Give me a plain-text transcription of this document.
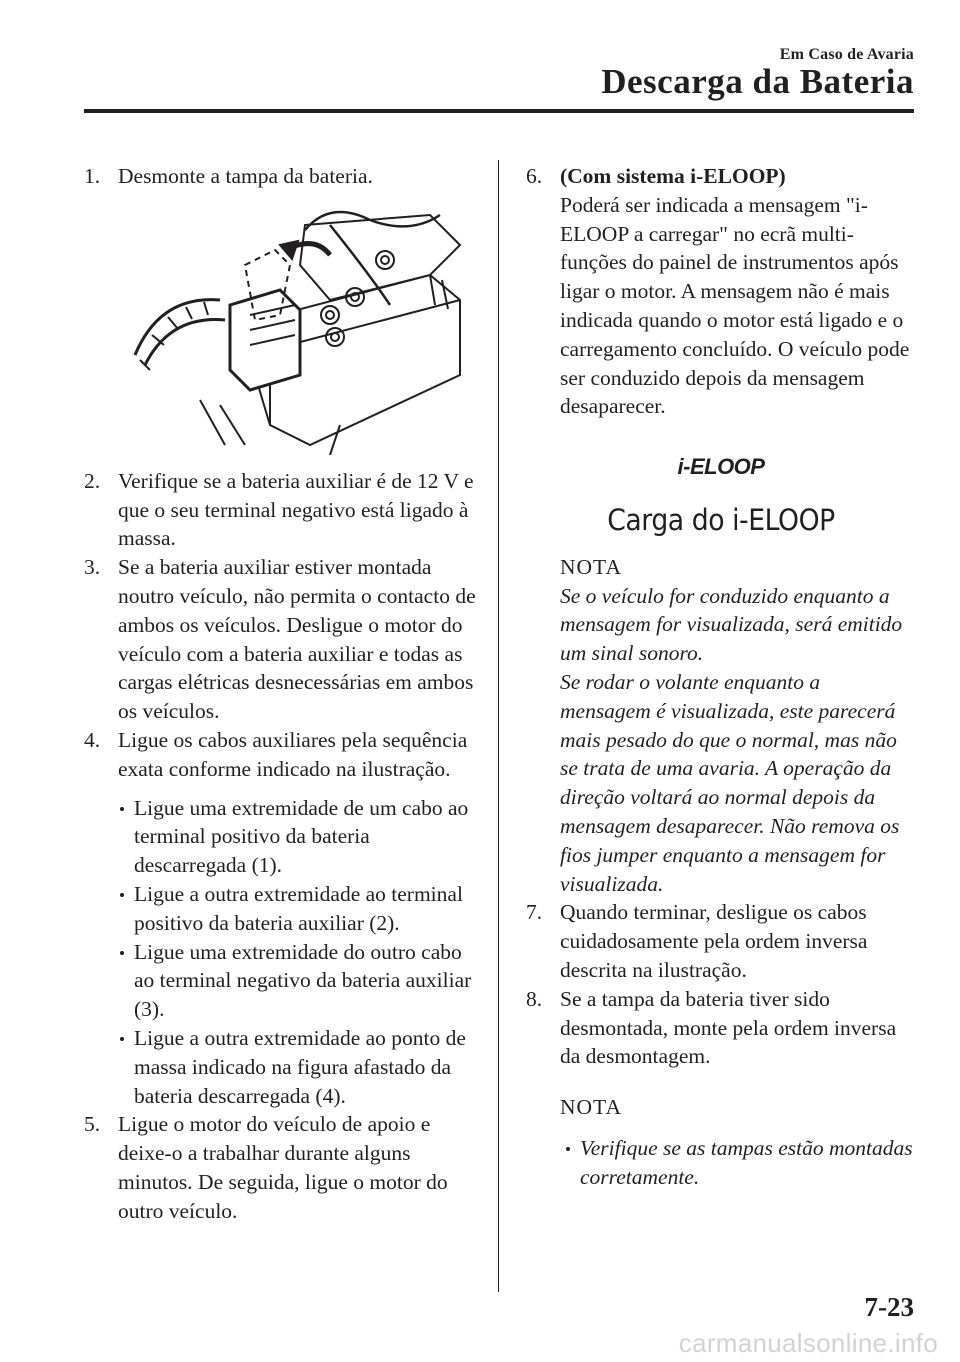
Em Caso de Avaria
Descarga da Bateria
1. Desmonte a tampa da bateria.
2. Verifique se a bateria auxiliar é de 12 V e que o seu terminal negativo está ligado à massa.
3. Se a bateria auxiliar estiver montada noutro veículo, não permita o contacto de ambos os veículos. Desligue o motor do veículo com a bateria auxiliar e todas as cargas elétricas desnecessárias em ambos os veículos.
4. Ligue os cabos auxiliares pela sequência exata conforme indicado na ilustração.
Ligue uma extremidade de um cabo ao terminal positivo da bateria descarregada (1).
Ligue a outra extremidade ao terminal positivo da bateria auxiliar (2).
Ligue uma extremidade do outro cabo ao terminal negativo da bateria auxiliar (3).
Ligue a outra extremidade ao ponto de massa indicado na figura afastado da bateria descarregada (4).
5. Ligue o motor do veículo de apoio e deixe-o a trabalhar durante alguns minutos. De seguida, ligue o motor do outro veículo.
6. (Com sistema i-ELOOP)
Poderá ser indicada a mensagem "i-ELOOP a carregar" no ecrã multi-funções do painel de instrumentos após ligar o motor. A mensagem não é mais indicada quando o motor está ligado e o carregamento concluído. O veículo pode ser conduzido depois da mensagem desaparecer.
i-ELOOP
Carga do i-ELOOP
NOTA
Se o veículo for conduzido enquanto a mensagem for visualizada, será emitido um sinal sonoro.
Se rodar o volante enquanto a mensagem é visualizada, este parecerá mais pesado do que o normal, mas não se trata de uma avaria. A operação da direção voltará ao normal depois da mensagem desaparecer. Não remova os fios jumper enquanto a mensagem for visualizada.
7. Quando terminar, desligue os cabos cuidadosamente pela ordem inversa descrita na ilustração.
8. Se a tampa da bateria tiver sido desmontada, monte pela ordem inversa da desmontagem.
NOTA
Verifique se as tampas estão montadas corretamente.
7-23
carmanualsonline.info
